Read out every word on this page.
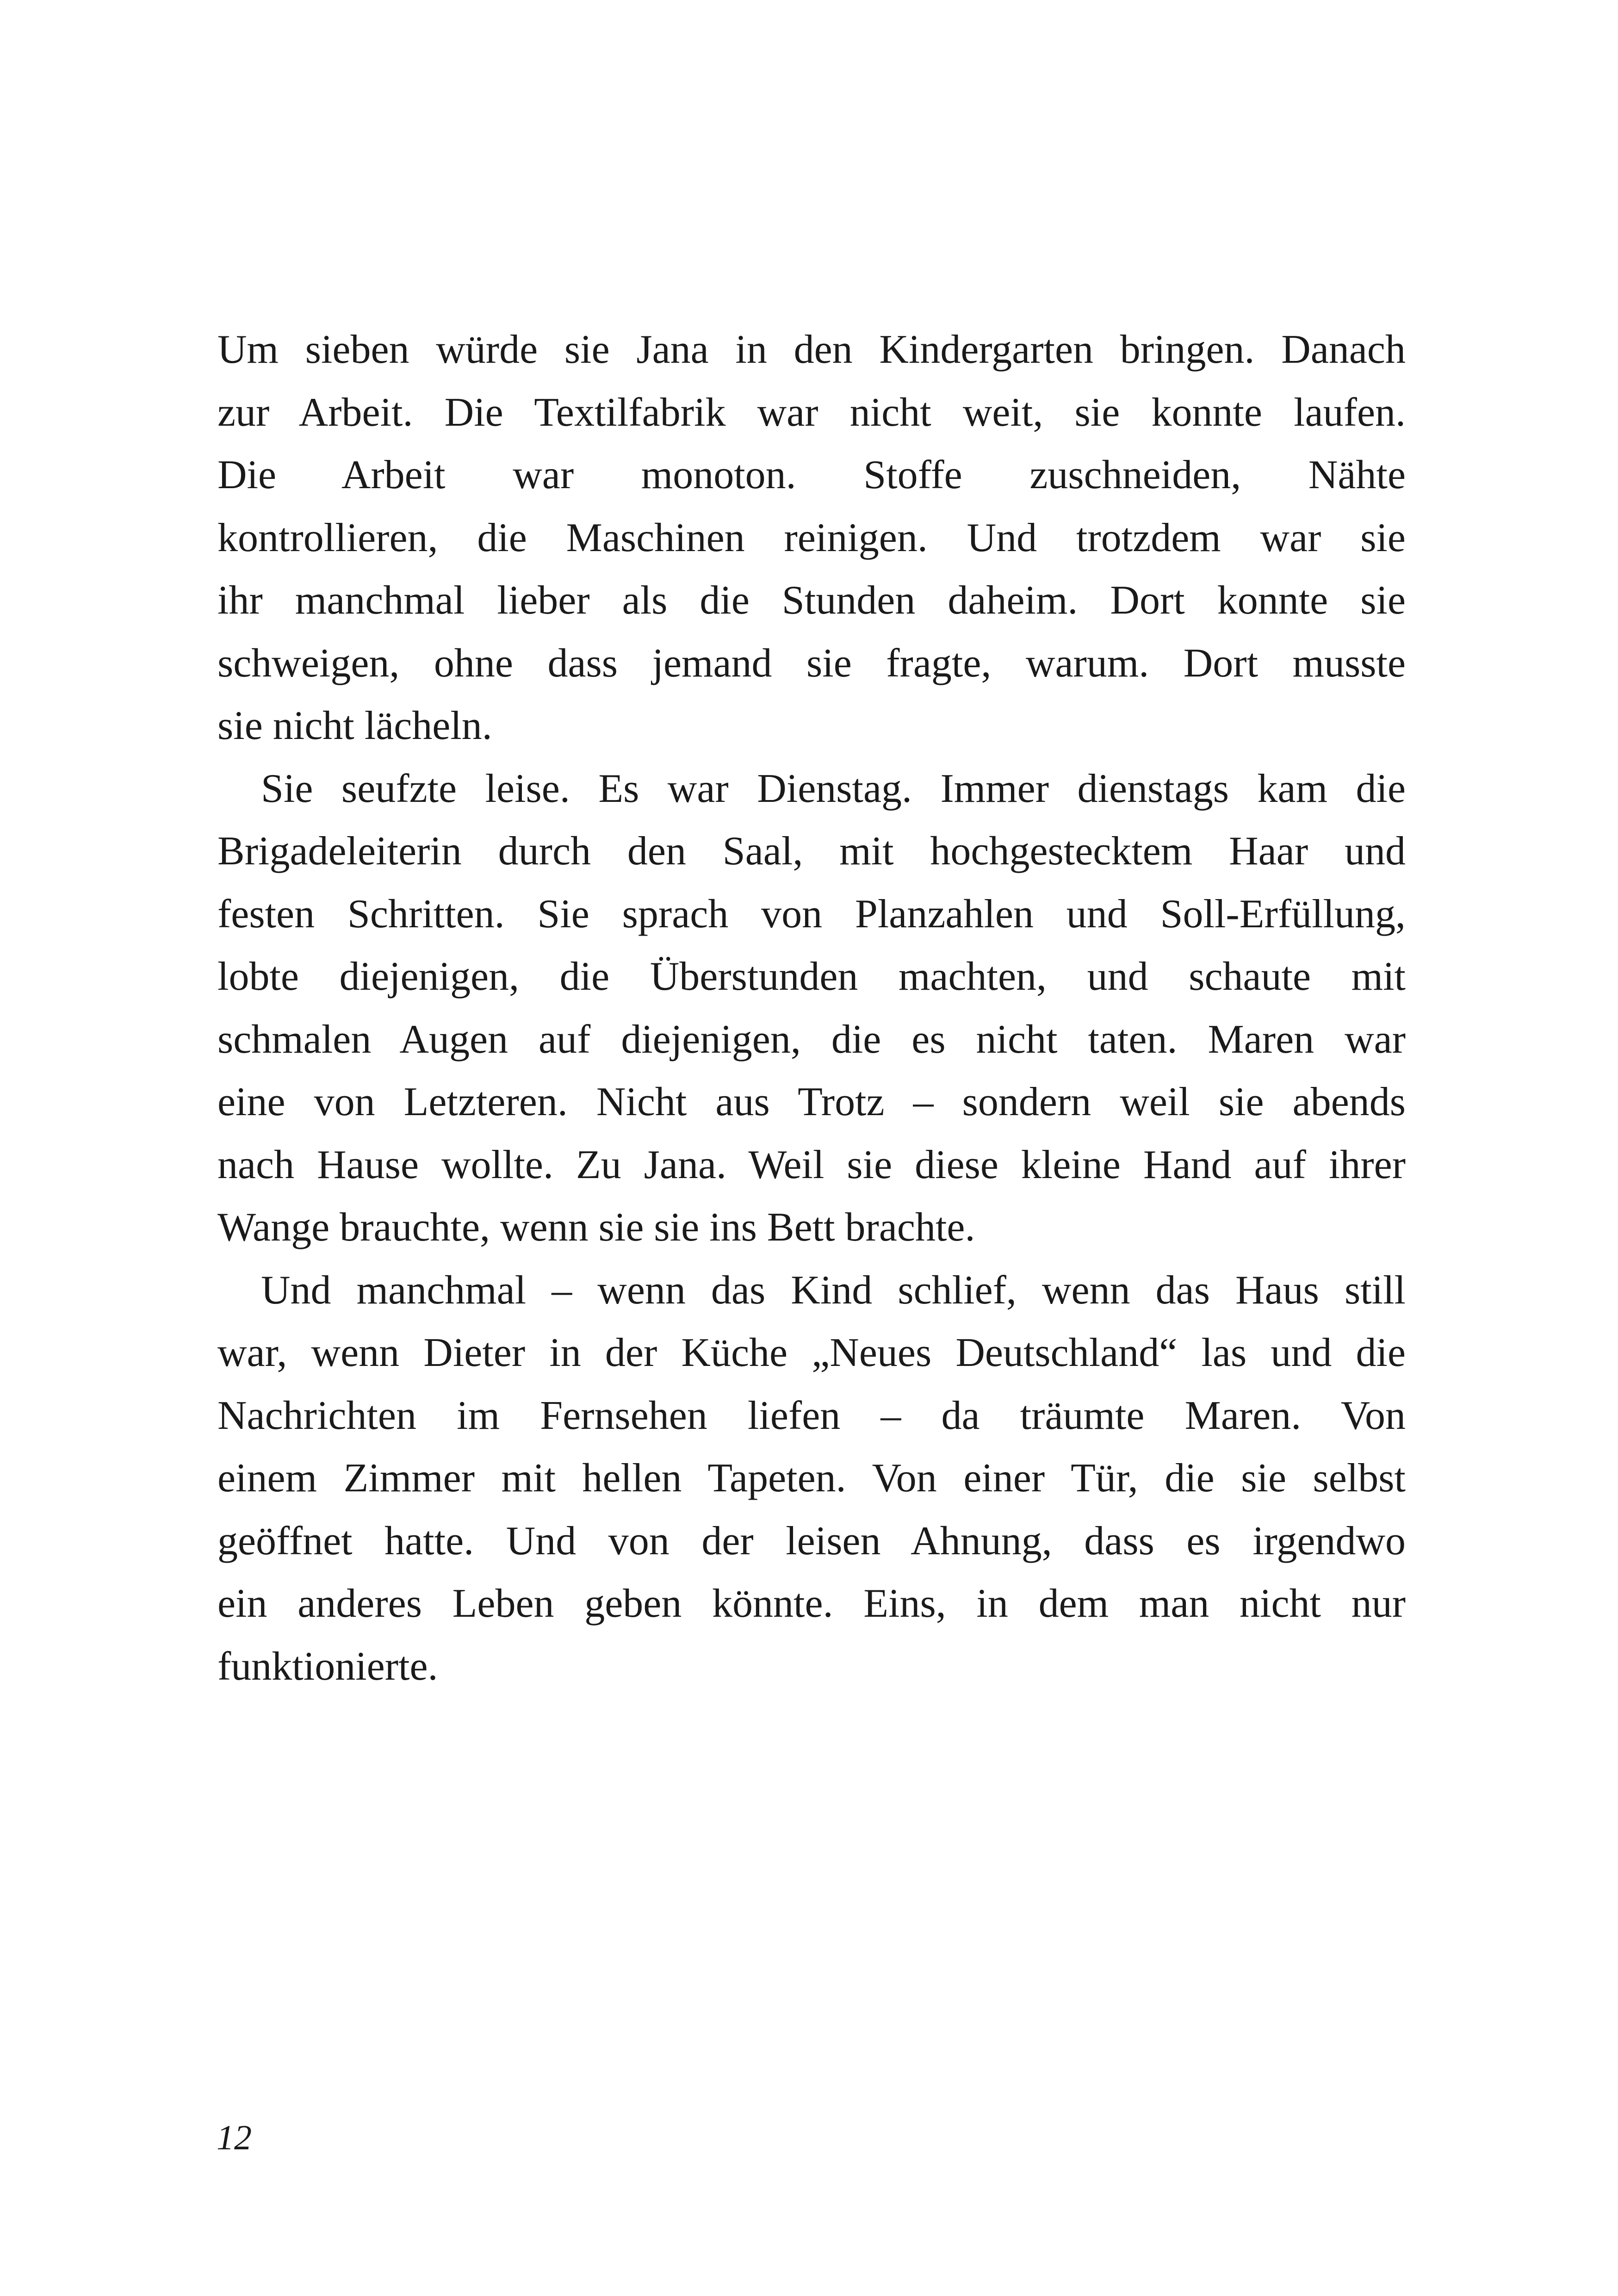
Um sieben würde sie Jana in den Kindergarten bringen. Danach
zur Arbeit. Die Textilfabrik war nicht weit, sie konnte laufen.
Die Arbeit war monoton. Stoffe zuschneiden, Nähte
kontrollieren, die Maschinen reinigen. Und trotzdem war sie
ihr manchmal lieber als die Stunden daheim. Dort konnte sie
schweigen, ohne dass jemand sie fragte, warum. Dort musste
sie nicht lächeln.
Sie seufzte leise. Es war Dienstag. Immer dienstags kam die
Brigadeleiterin durch den Saal, mit hochgestecktem Haar und
festen Schritten. Sie sprach von Planzahlen und Soll-Erfüllung,
lobte diejenigen, die Überstunden machten, und schaute mit
schmalen Augen auf diejenigen, die es nicht taten. Maren war
eine von Letzteren. Nicht aus Trotz – sondern weil sie abends
nach Hause wollte. Zu Jana. Weil sie diese kleine Hand auf ihrer
Wange brauchte, wenn sie sie ins Bett brachte.
Und manchmal – wenn das Kind schlief, wenn das Haus still
war, wenn Dieter in der Küche „Neues Deutschland“ las und die
Nachrichten im Fernsehen liefen – da träumte Maren. Von
einem Zimmer mit hellen Tapeten. Von einer Tür, die sie selbst
geöffnet hatte. Und von der leisen Ahnung, dass es irgendwo
ein anderes Leben geben könnte. Eins, in dem man nicht nur
funktionierte.
12
